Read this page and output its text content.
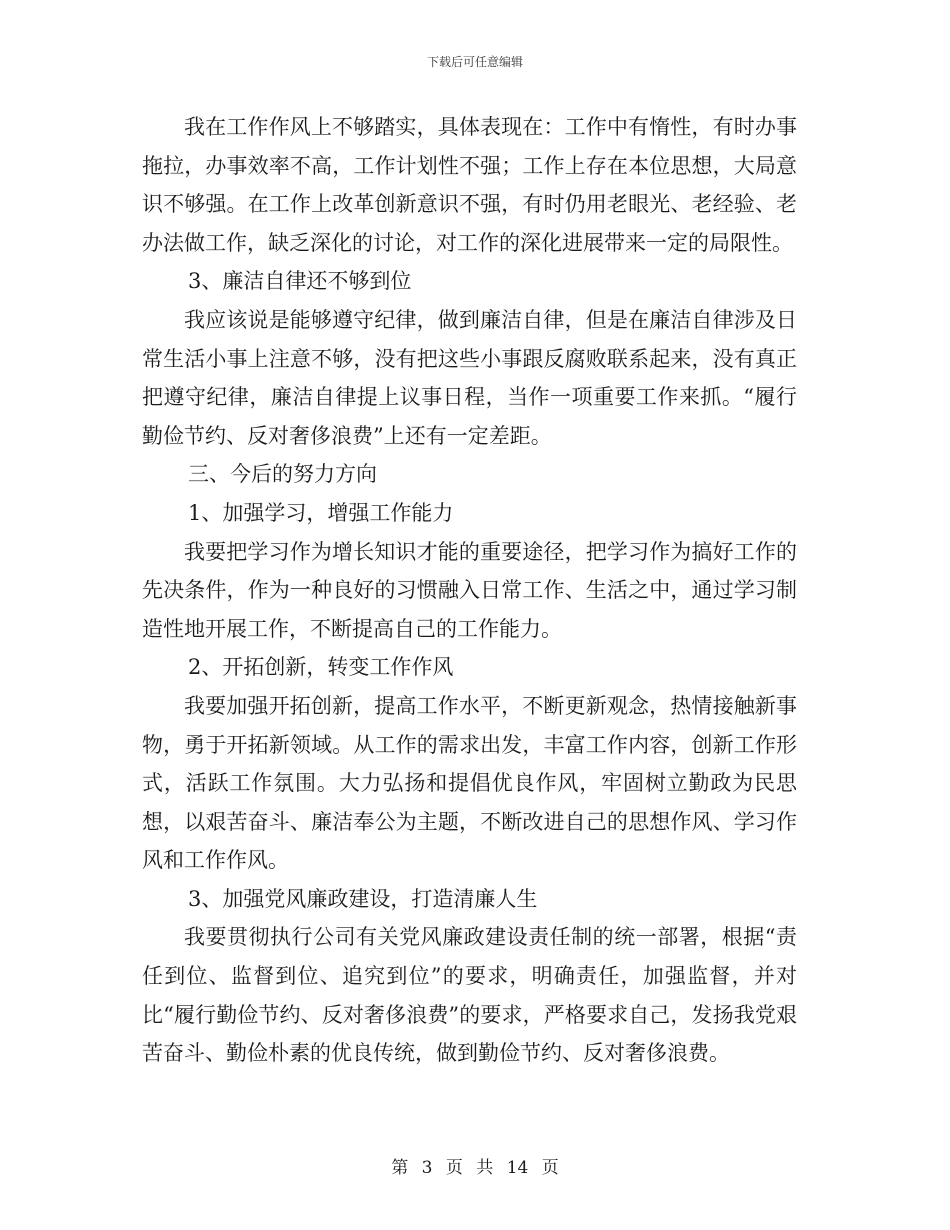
下载后可任意编辑

我在工作作风上不够踏实，具体表现在：工作中有惰性，有时办事拖拉，办事效率不高，工作计划性不强；工作上存在本位思想，大局意识不够强。在工作上改革创新意识不强，有时仍用老眼光、老经验、老办法做工作，缺乏深化的讨论，对工作的深化进展带来一定的局限性。

3、廉洁自律还不够到位

我应该说是能够遵守纪律，做到廉洁自律，但是在廉洁自律涉及日常生活小事上注意不够，没有把这些小事跟反腐败联系起来，没有真正把遵守纪律，廉洁自律提上议事日程，当作一项重要工作来抓。“履行勤俭节约、反对奢侈浪费”上还有一定差距。

三、今后的努力方向

1、加强学习，增强工作能力

我要把学习作为增长知识才能的重要途径，把学习作为搞好工作的先决条件，作为一种良好的习惯融入日常工作、生活之中，通过学习制造性地开展工作，不断提高自己的工作能力。

2、开拓创新，转变工作作风

我要加强开拓创新，提高工作水平，不断更新观念，热情接触新事物，勇于开拓新领域。从工作的需求出发，丰富工作内容，创新工作形式，活跃工作氛围。大力弘扬和提倡优良作风，牢固树立勤政为民思想，以艰苦奋斗、廉洁奉公为主题，不断改进自己的思想作风、学习作风和工作作风。

3、加强党风廉政建设，打造清廉人生

我要贯彻执行公司有关党风廉政建设责任制的统一部署，根据“责任到位、监督到位、追究到位”的要求，明确责任，加强监督，并对比“履行勤俭节约、反对奢侈浪费”的要求，严格要求自己，发扬我党艰苦奋斗、勤俭朴素的优良传统，做到勤俭节约、反对奢侈浪费。

第 3 页 共 14 页
